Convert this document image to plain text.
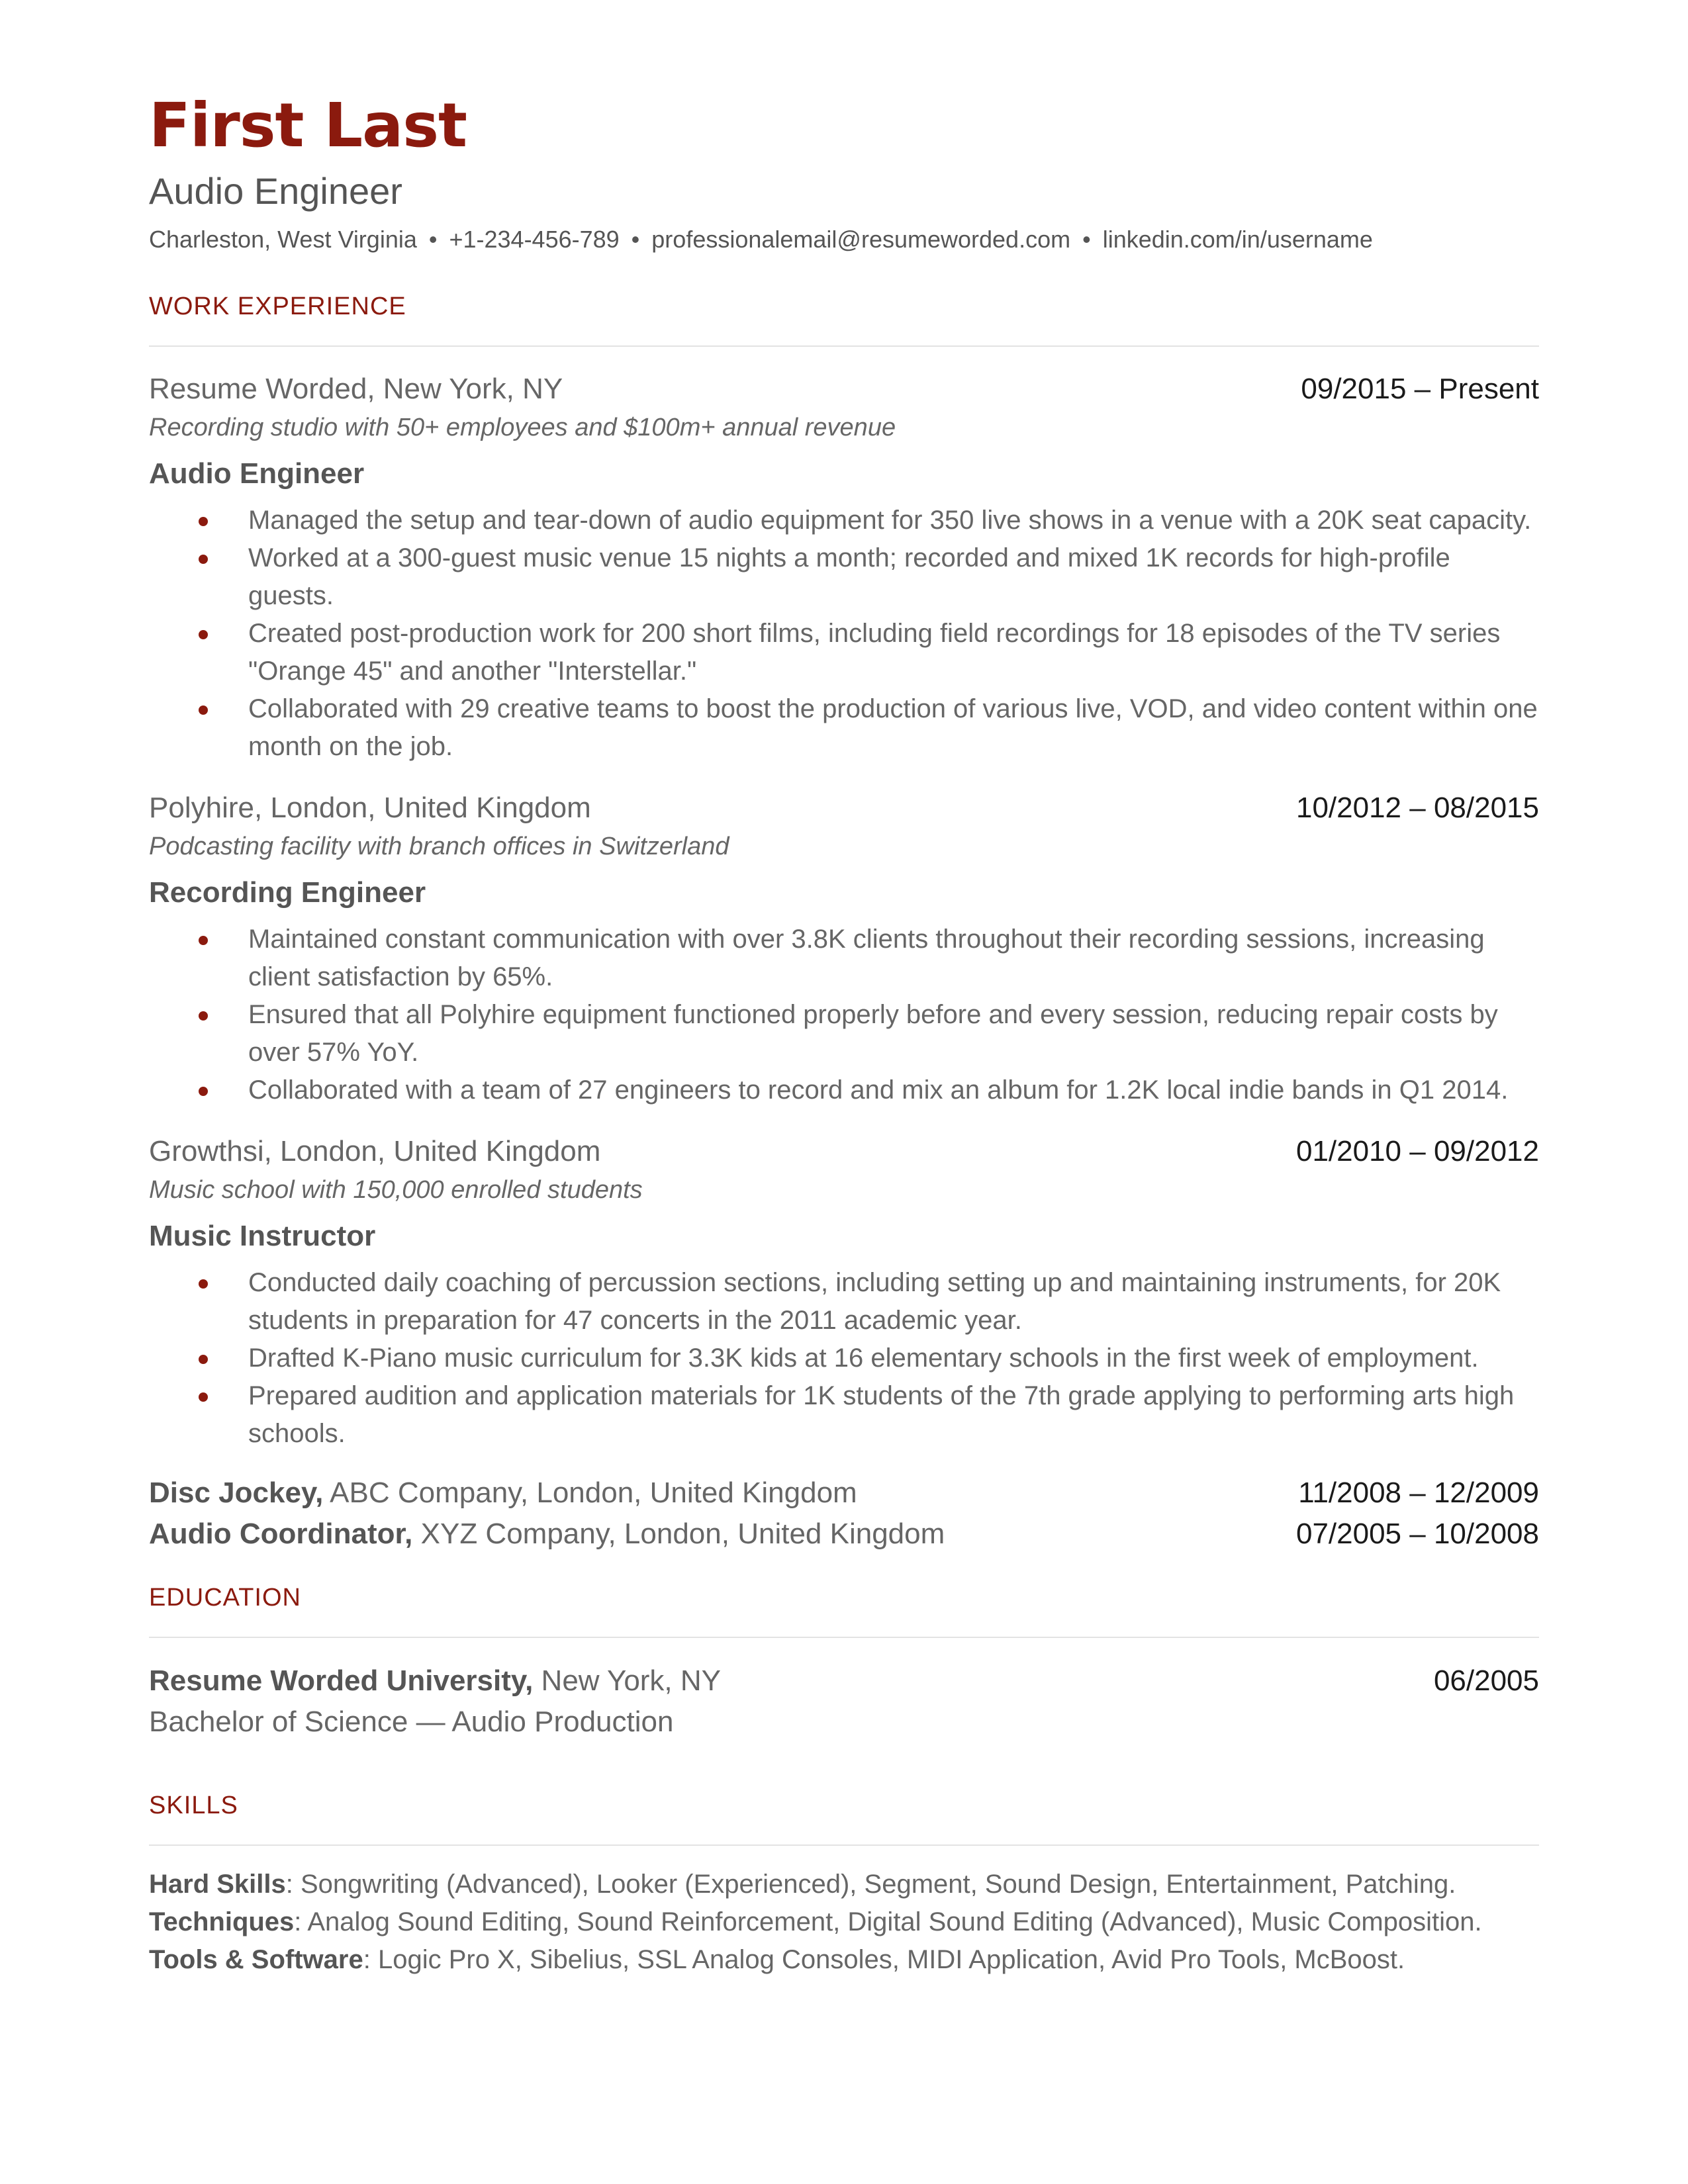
First Last
Audio Engineer
Charleston, West Virginia • +1-234-456-789 • professionalemail@resumeworded.com • linkedin.com/in/username
WORK EXPERIENCE
Resume Worded, New York, NY	09/2015 – Present
Recording studio with 50+ employees and $100m+ annual revenue
Audio Engineer
Managed the setup and tear-down of audio equipment for 350 live shows in a venue with a 20K seat capacity.
Worked at a 300-guest music venue 15 nights a month; recorded and mixed 1K records for high-profile guests.
Created post-production work for 200 short films, including field recordings for 18 episodes of the TV series "Orange 45" and another "Interstellar."
Collaborated with 29 creative teams to boost the production of various live, VOD, and video content within one month on the job.
Polyhire, London, United Kingdom	10/2012 – 08/2015
Podcasting facility with branch offices in Switzerland
Recording Engineer
Maintained constant communication with over 3.8K clients throughout their recording sessions, increasing client satisfaction by 65%.
Ensured that all Polyhire equipment functioned properly before and every session, reducing repair costs by over 57% YoY.
Collaborated with a team of 27 engineers to record and mix an album for 1.2K local indie bands in Q1 2014.
Growthsi, London, United Kingdom	01/2010 – 09/2012
Music school with 150,000 enrolled students
Music Instructor
Conducted daily coaching of percussion sections, including setting up and maintaining instruments, for 20K students in preparation for 47 concerts in the 2011 academic year.
Drafted K-Piano music curriculum for 3.3K kids at 16 elementary schools in the first week of employment.
Prepared audition and application materials for 1K students of the 7th grade applying to performing arts high schools.
Disc Jockey, ABC Company, London, United Kingdom	11/2008 – 12/2009
Audio Coordinator, XYZ Company, London, United Kingdom	07/2005 – 10/2008
EDUCATION
Resume Worded University, New York, NY	06/2005
Bachelor of Science — Audio Production
SKILLS
Hard Skills: Songwriting (Advanced), Looker (Experienced), Segment, Sound Design, Entertainment, Patching.
Techniques: Analog Sound Editing, Sound Reinforcement, Digital Sound Editing (Advanced), Music Composition.
Tools & Software: Logic Pro X, Sibelius, SSL Analog Consoles, MIDI Application, Avid Pro Tools, McBoost.
